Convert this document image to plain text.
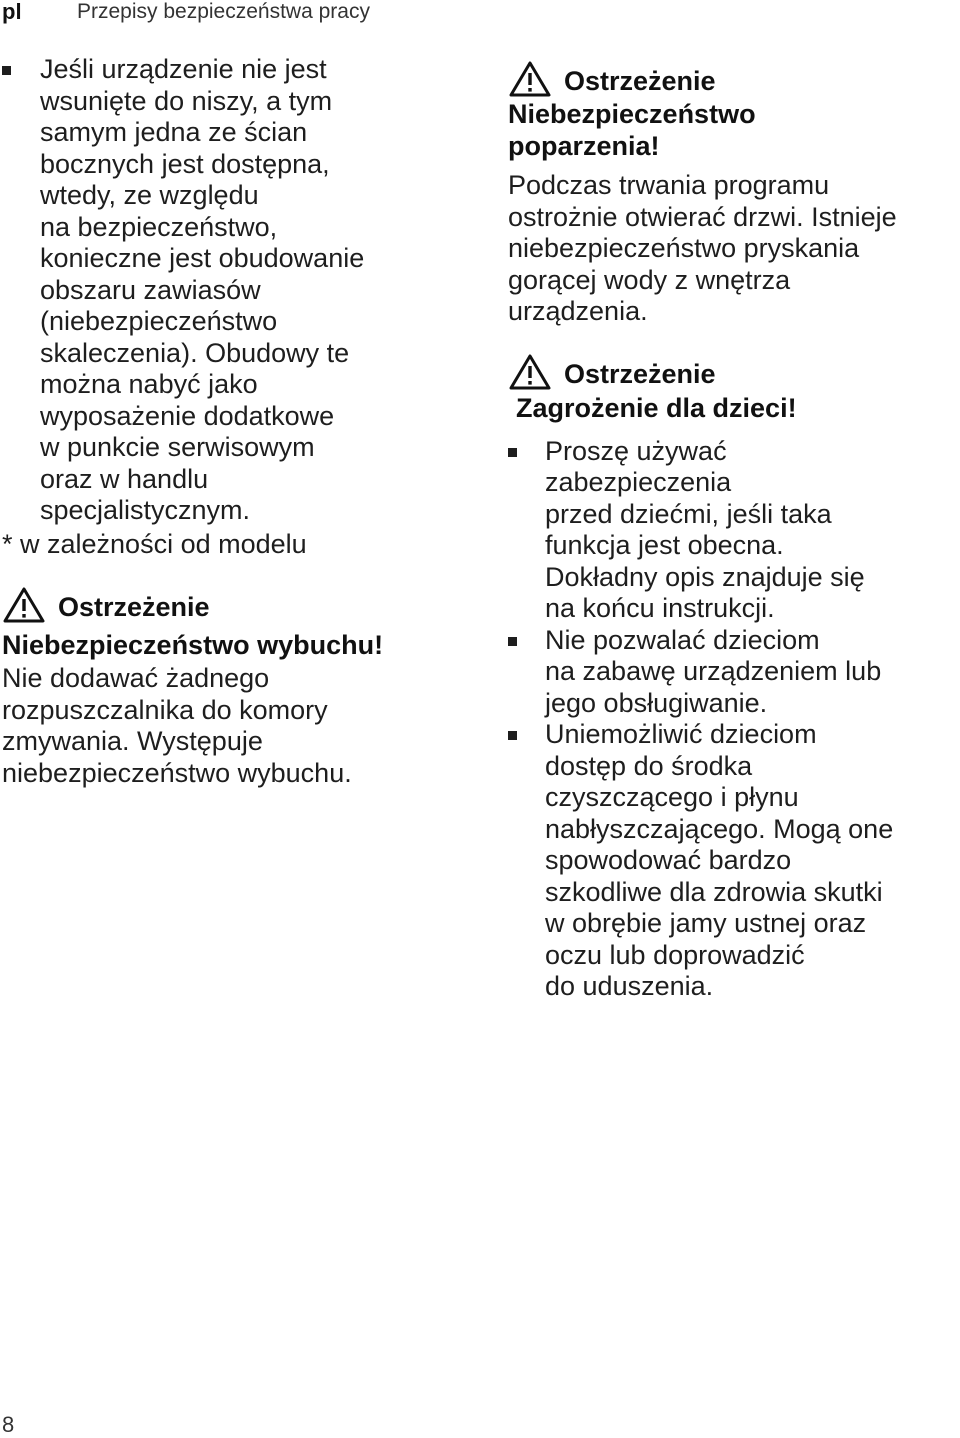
pl	Przepisy bezpieczeństwa pracy
Jeśli urządzenie nie jest
wsunięte do niszy, a tym
samym jedna ze ścian
bocznych jest dostępna,
wtedy, ze względu
na bezpieczeństwo,
konieczne jest obudowanie
obszaru zawiasów
(niebezpieczeństwo
skaleczenia). Obudowy te
można nabyć jako
wyposażenie dodatkowe
w punkcie serwisowym
oraz w handlu
specjalistycznym.
* w zależności od modelu
Ostrzeżenie
Niebezpieczeństwo wybuchu!
Nie dodawać żadnego
rozpuszczalnika do komory
zmywania. Występuje
niebezpieczeństwo wybuchu.
Ostrzeżenie
Niebezpieczeństwo
poparzenia!
Podczas trwania programu
ostrożnie otwierać drzwi. Istnieje
niebezpieczeństwo pryskania
gorącej wody z wnętrza
urządzenia.
Ostrzeżenie
Zagrożenie dla dzieci!
Proszę używać
zabezpieczenia
przed dziećmi, jeśli taka
funkcja jest obecna.
Dokładny opis znajduje się
na końcu instrukcji.
Nie pozwalać dzieciom
na zabawę urządzeniem lub
jego obsługiwanie.
Uniemożliwić dzieciom
dostęp do środka
czyszczącego i płynu
nabłyszczającego. Mogą one
spowodować bardzo
szkodliwe dla zdrowia skutki
w obrębie jamy ustnej oraz
oczu lub doprowadzić
do uduszenia.
8
